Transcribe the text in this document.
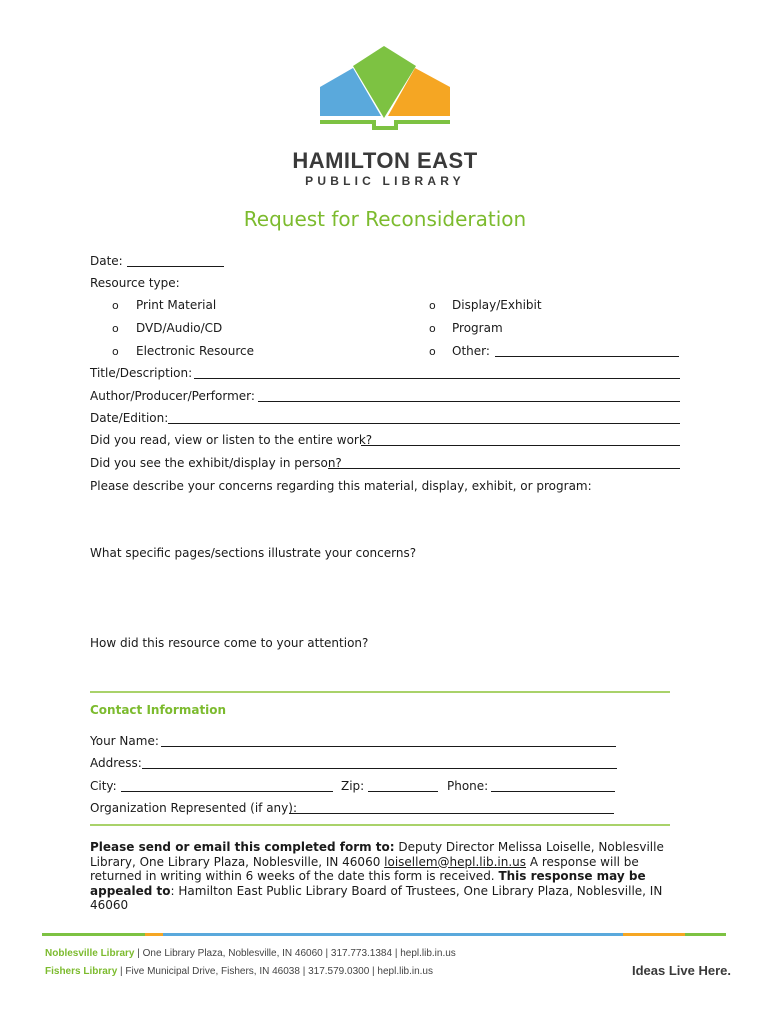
HAMILTON EAST
PUBLIC LIBRARY
Request for Reconsideration
Date:
Resource type:
o Print Material
o DVD/Audio/CD
o Electronic Resource
o Display/Exhibit
o Program
o Other:
Title/Description:
Author/Producer/Performer:
Date/Edition:
Did you read, view or listen to the entire work?
Did you see the exhibit/display in person?
Please describe your concerns regarding this material, display, exhibit, or program:
What specific pages/sections illustrate your concerns?
How did this resource come to your attention?
Contact Information
Your Name:
Address:
City:	Zip:	Phone:
Organization Represented (if any):
Please send or email this completed form to: Deputy Director Melissa Loiselle, Noblesville Library, One Library Plaza, Noblesville, IN 46060 loisellem@hepl.lib.in.us A response will be returned in writing within 6 weeks of the date this form is received. This response may be appealed to: Hamilton East Public Library Board of Trustees, One Library Plaza, Noblesville, IN 46060
Noblesville Library | One Library Plaza, Noblesville, IN 46060 | 317.773.1384 | hepl.lib.in.us
Fishers Library | Five Municipal Drive, Fishers, IN 46038 | 317.579.0300 | hepl.lib.in.us	Ideas Live Here.
